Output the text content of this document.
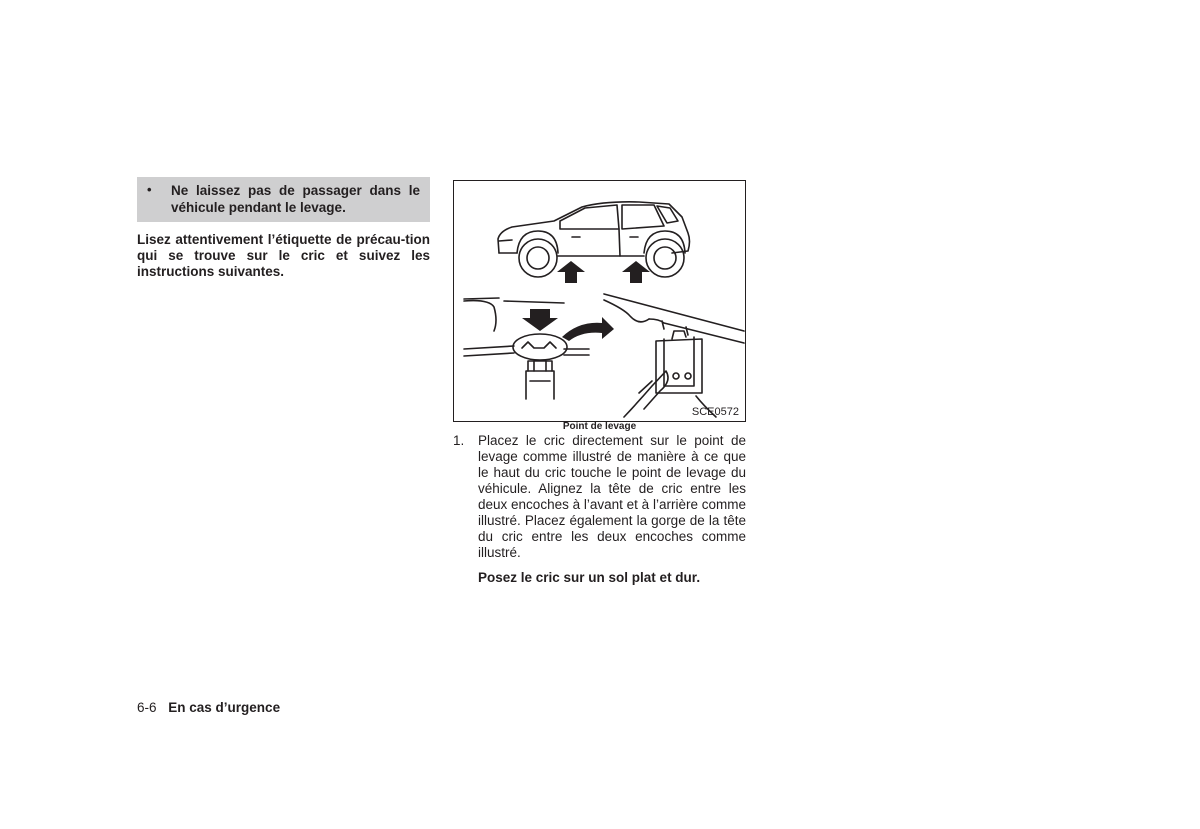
• Ne laissez pas de passager dans le véhicule pendant le levage.

Lisez attentivement l’étiquette de précau-tion qui se trouve sur le cric et suivez les instructions suivantes.

SCE0572
Point de levage
1. Placez le cric directement sur le point de levage comme illustré de manière à ce que le haut du cric touche le point de levage du véhicule. Alignez la tête de cric entre les deux encoches à l’avant et à l’arrière comme illustré. Placez également la gorge de la tête du cric entre les deux encoches comme illustré.

Posez le cric sur un sol plat et dur.

6-6 En cas d’urgence
